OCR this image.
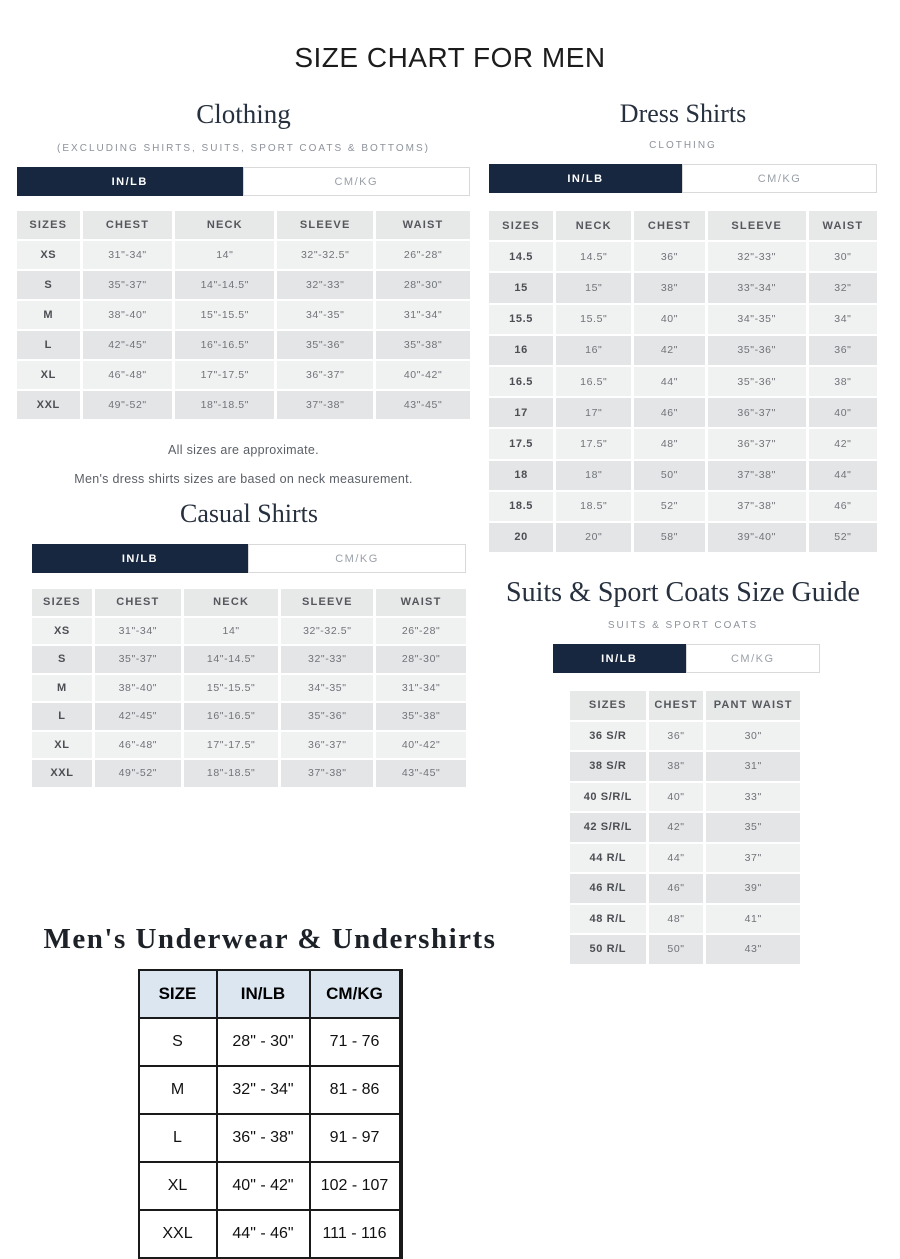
SIZE CHART FOR MEN
Clothing
(EXCLUDING SHIRTS, SUITS, SPORT COATS & BOTTOMS)
IN/LB	CM/KG
SIZES	CHEST	NECK	SLEEVE	WAIST
XS	31"-34"	14"	32"-32.5"	26"-28"
S	35"-37"	14"-14.5"	32"-33"	28"-30"
M	38"-40"	15"-15.5"	34"-35"	31"-34"
L	42"-45"	16"-16.5"	35"-36"	35"-38"
XL	46"-48"	17"-17.5"	36"-37"	40"-42"
XXL	49"-52"	18"-18.5"	37"-38"	43"-45"
All sizes are approximate.
Men's dress shirts sizes are based on neck measurement.
Casual Shirts
IN/LB	CM/KG
SIZES	CHEST	NECK	SLEEVE	WAIST
XS	31"-34"	14"	32"-32.5"	26"-28"
S	35"-37"	14"-14.5"	32"-33"	28"-30"
M	38"-40"	15"-15.5"	34"-35"	31"-34"
L	42"-45"	16"-16.5"	35"-36"	35"-38"
XL	46"-48"	17"-17.5"	36"-37"	40"-42"
XXL	49"-52"	18"-18.5"	37"-38"	43"-45"
Men's Underwear & Undershirts
SIZE	IN/LB	CM/KG
S	28" - 30"	71 - 76
M	32" - 34"	81 - 86
L	36" - 38"	91 - 97
XL	40" - 42"	102 - 107
XXL	44" - 46"	111 - 116
Dress Shirts
CLOTHING
IN/LB	CM/KG
SIZES	NECK	CHEST	SLEEVE	WAIST
14.5	14.5"	36"	32"-33"	30"
15	15"	38"	33"-34"	32"
15.5	15.5"	40"	34"-35"	34"
16	16"	42"	35"-36"	36"
16.5	16.5"	44"	35"-36"	38"
17	17"	46"	36"-37"	40"
17.5	17.5"	48"	36"-37"	42"
18	18"	50"	37"-38"	44"
18.5	18.5"	52"	37"-38"	46"
20	20"	58"	39"-40"	52"
Suits & Sport Coats Size Guide
SUITS & SPORT COATS
IN/LB	CM/KG
SIZES	CHEST	PANT WAIST
36 S/R	36"	30"
38 S/R	38"	31"
40 S/R/L	40"	33"
42 S/R/L	42"	35"
44 R/L	44"	37"
46 R/L	46"	39"
48 R/L	48"	41"
50 R/L	50"	43"
